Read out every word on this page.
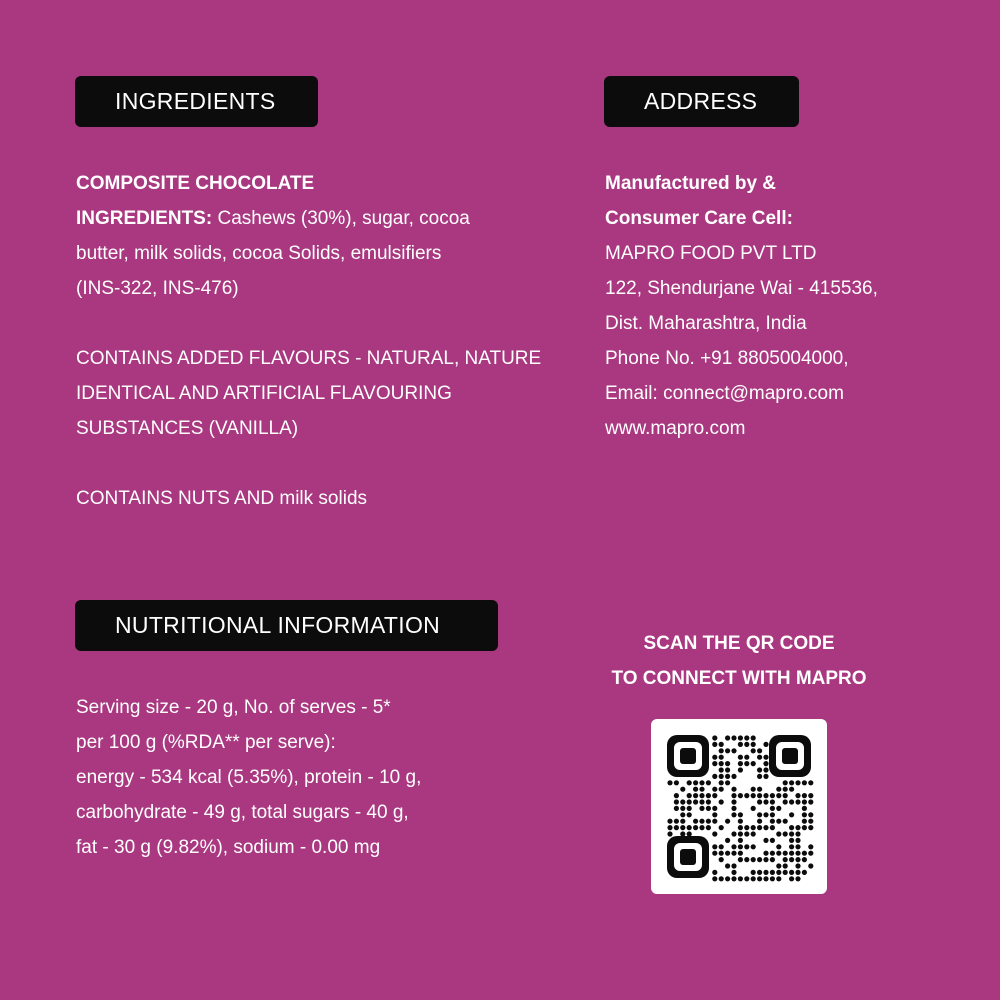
INGREDIENTS

COMPOSITE CHOCOLATE

INGREDIENTS: Cashews (30%), sugar, cocoa

butter, milk solids, cocoa Solids, emulsifiers

(INS-322, INS-476)

CONTAINS ADDED FLAVOURS - NATURAL, NATURE

IDENTICAL AND ARTIFICIAL FLAVOURING

SUBSTANCES (VANILLA)

CONTAINS NUTS AND milk solids

ADDRESS

Manufactured by &

Consumer Care Cell:

MAPRO FOOD PVT LTD

122, Shendurjane Wai - 415536,

Dist. Maharashtra, India

Phone No. +91 8805004000,

Email: connect@mapro.com

www.mapro.com

NUTRITIONAL INFORMATION

Serving size - 20 g, No. of serves - 5*

per 100 g (%RDA** per serve):

energy - 534 kcal (5.35%), protein - 10 g,

carbohydrate - 49 g, total sugars - 40 g,

fat - 30 g (9.82%), sodium - 0.00 mg

SCAN THE QR CODE

TO CONNECT WITH MAPRO
